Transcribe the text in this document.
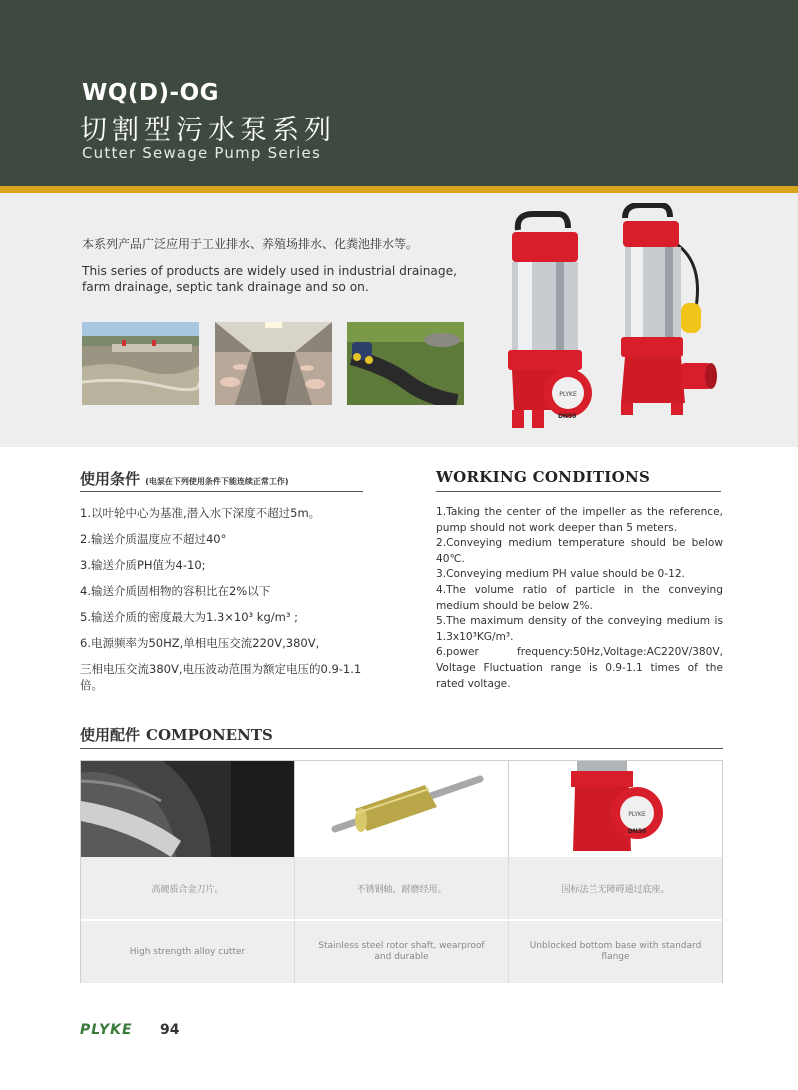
WQ(D)-OG
切割型污水泵系列
Cutter Sewage Pump Series
本系列产品广泛应用于工业排水、养殖场排水、化粪池排水等。
This series of products are widely used in industrial drainage, farm drainage, septic tank drainage and so on.
PLYKE
DN50
使用条件 (电泵在下列使用条件下能连续正常工作)
1.以叶轮中心为基准,潜入水下深度不超过5m。
2.输送介质温度应不超过40°
3.输送介质PH值为4-10;
4.输送介质固相物的容积比在2%以下
5.输送介质的密度最大为1.3×10³ kg/m³ ;
6.电源频率为50HZ,单相电压交流220V,380V,
三相电压交流380V,电压波动范围为额定电压的0.9-1.1倍。
WORKING CONDITIONS
1.Taking the center of the impeller as the reference, pump should not work deeper than 5 meters.
2.Conveying medium temperature should be below 40℃.
3.Conveying medium PH value should be 0-12.
4.The volume ratio of particle in the conveying medium should be below 2%.
5.The maximum density of the conveying medium is 1.3x10³KG/m³.
6.power frequency:50Hz,Voltage:AC220V/380V, Voltage Fluctuation range is 0.9-1.1 times of the rated voltage.
使用配件 COMPONENTS
PLYKE
DN50
高硬质合金刀片。	不锈钢轴，耐磨经用。	国标法兰无障碍通过底座。
High strength alloy cutter
Stainless steel rotor shaft, wearproof and durable
Unblocked bottom base with standard flange
PLYKE 94
